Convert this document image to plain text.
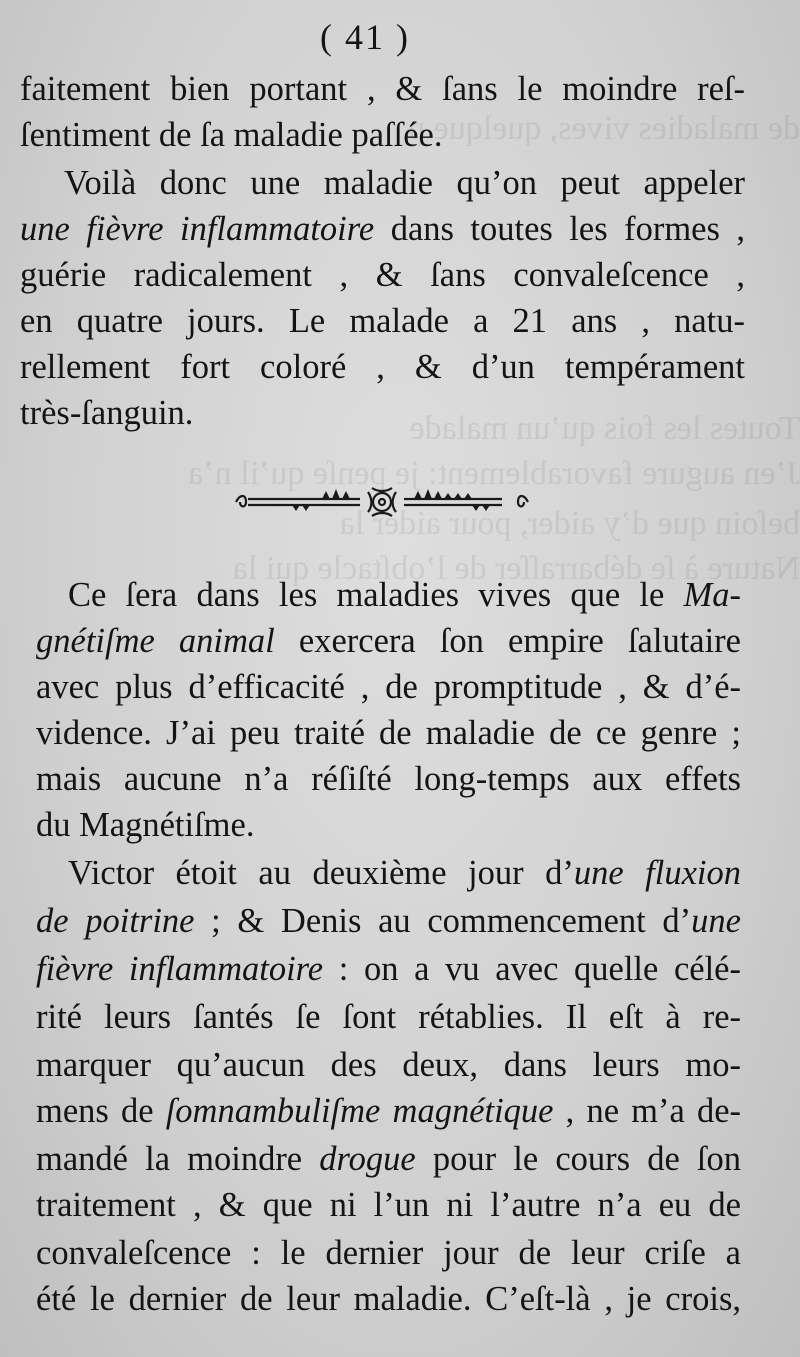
de maladies vives, quelque p
Toutes les fois qu’un malade
J’en augure favorablement: je penſe qu’il n’a
beſoin que d’y aider, pour aider la
Nature à ſe débarraſſer de l’obſtacle qui la
( 41 )
faitement bien portant , & ſans le moindre reſ-
ſentiment de ſa maladie paſſée.
Voilà donc une maladie qu’on peut appeler
une fièvre inflammatoire dans toutes les formes ,
guérie radicalement , & ſans convaleſcence ,
en quatre jours. Le malade a 21 ans , natu-
rellement fort coloré , & d’un tempérament
très-ſanguin.
Ce ſera dans les maladies vives que le Ma-
gnétiſme animal exercera ſon empire ſalutaire
avec plus d’efficacité , de promptitude , & d’é-
vidence. J’ai peu traité de maladie de ce genre ;
mais aucune n’a réſiſté long-temps aux effets
du Magnétiſme.
Victor étoit au deuxième jour d’une fluxion
de poitrine ; & Denis au commencement d’une
fièvre inflammatoire : on a vu avec quelle célé-
rité leurs ſantés ſe ſont rétablies. Il eſt à re-
marquer qu’aucun des deux, dans leurs mo-
mens de ſomnambuliſme magnétique , ne m’a de-
mandé la moindre drogue pour le cours de ſon
traitement , & que ni l’un ni l’autre n’a eu de
convaleſcence : le dernier jour de leur criſe a
été le dernier de leur maladie. C’eſt-là , je crois,
